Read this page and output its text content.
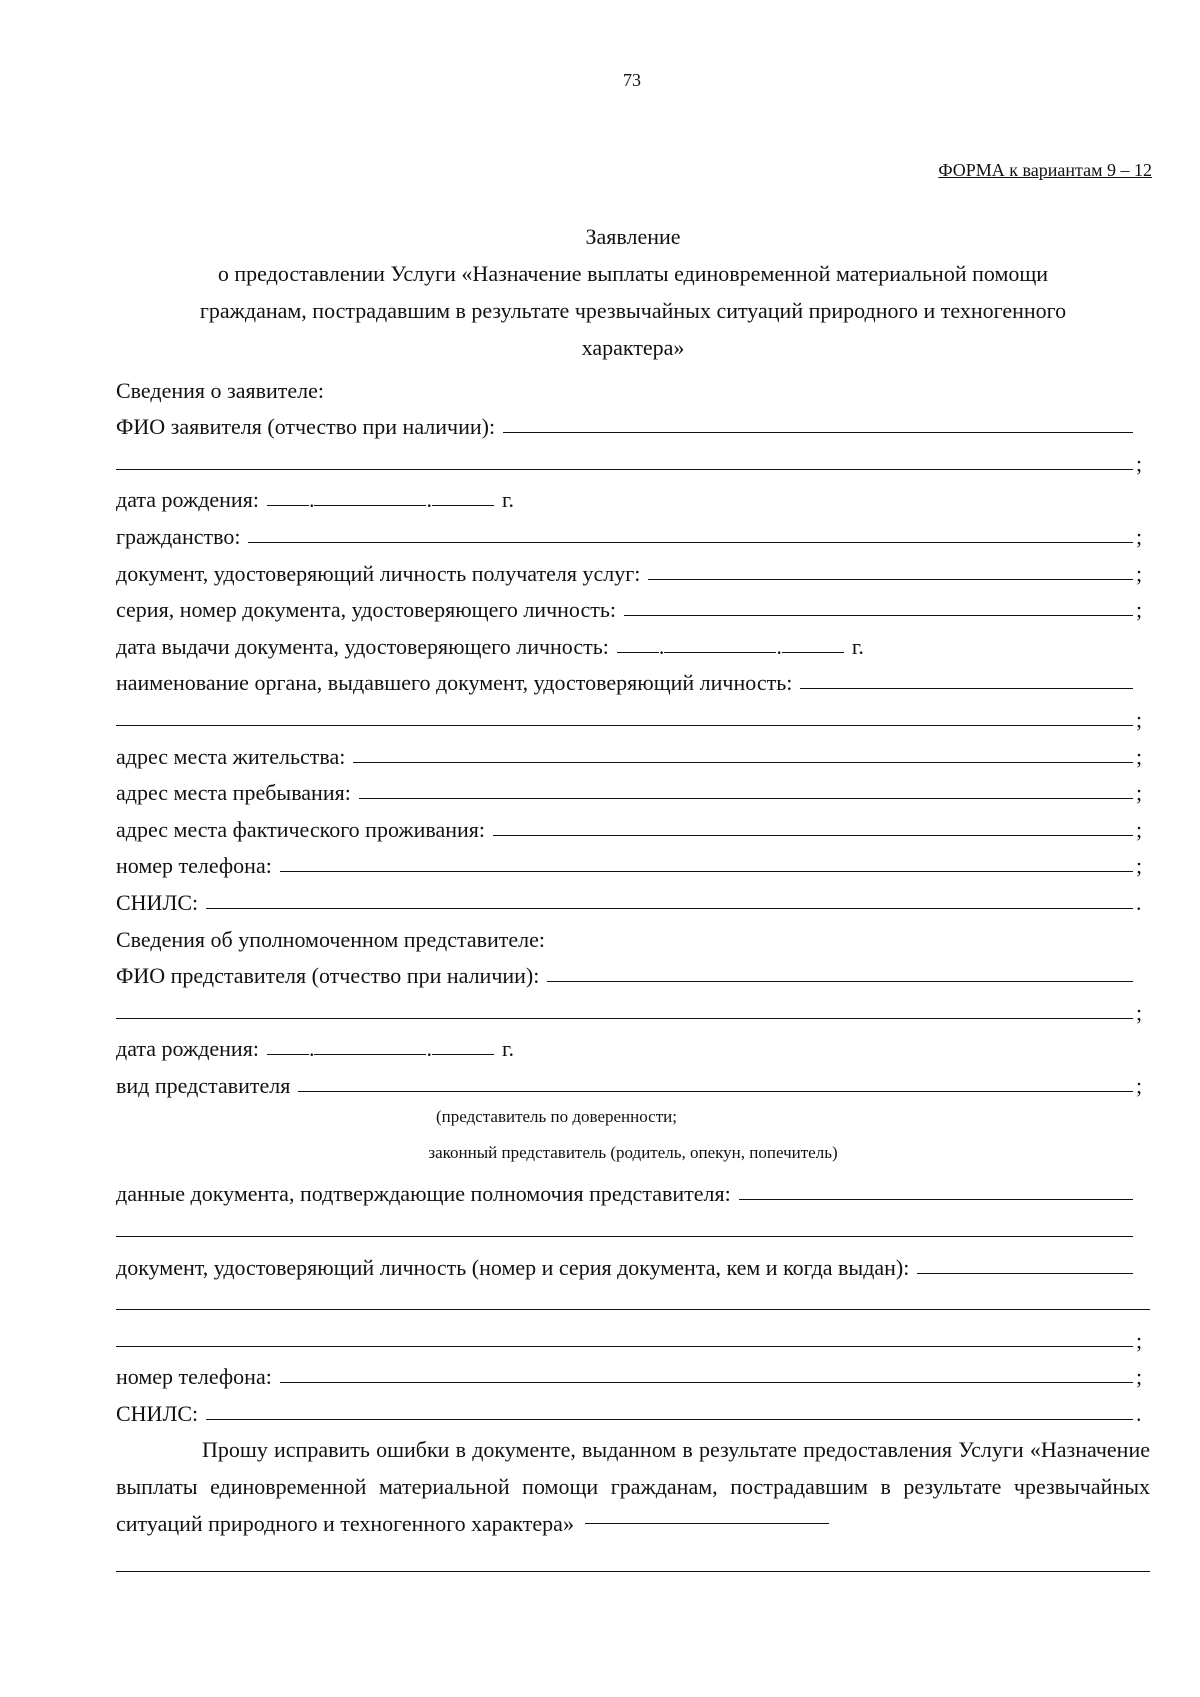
73
ФОРМА к вариантам 9 – 12
Заявление
о предоставлении Услуги «Назначение выплаты единовременной материальной помощи
гражданам, пострадавшим в результате чрезвычайных ситуаций природного и техногенного
характера»
Сведения о заявителе:
ФИО заявителя (отчество при наличии):
;
дата рождения:	.	.	г.
гражданство:	;
документ, удостоверяющий личность получателя услуг:	;
серия, номер документа, удостоверяющего личность:	;
дата выдачи документа, удостоверяющего личность:	.	.	г.
наименование органа, выдавшего документ, удостоверяющий личность:
;
адрес места жительства:	;
адрес места пребывания:	;
адрес места фактического проживания:	;
номер телефона:	;
СНИЛС:	.
Сведения об уполномоченном представителе:
ФИО представителя (отчество при наличии):
;
дата рождения:	.	.	г.
вид представителя	;
(представитель по доверенности;
законный представитель (родитель, опекун, попечитель)
данные документа, подтверждающие полномочия представителя:
документ, удостоверяющий личность (номер и серия документа, кем и когда выдан):
;
номер телефона:	;
СНИЛС:	.
Прошу исправить ошибки в документе, выданном в результате предоставления Услуги «Назначение выплаты единовременной материальной помощи гражданам, пострадавшим в результате чрезвычайных ситуаций природного и техногенного характера»
